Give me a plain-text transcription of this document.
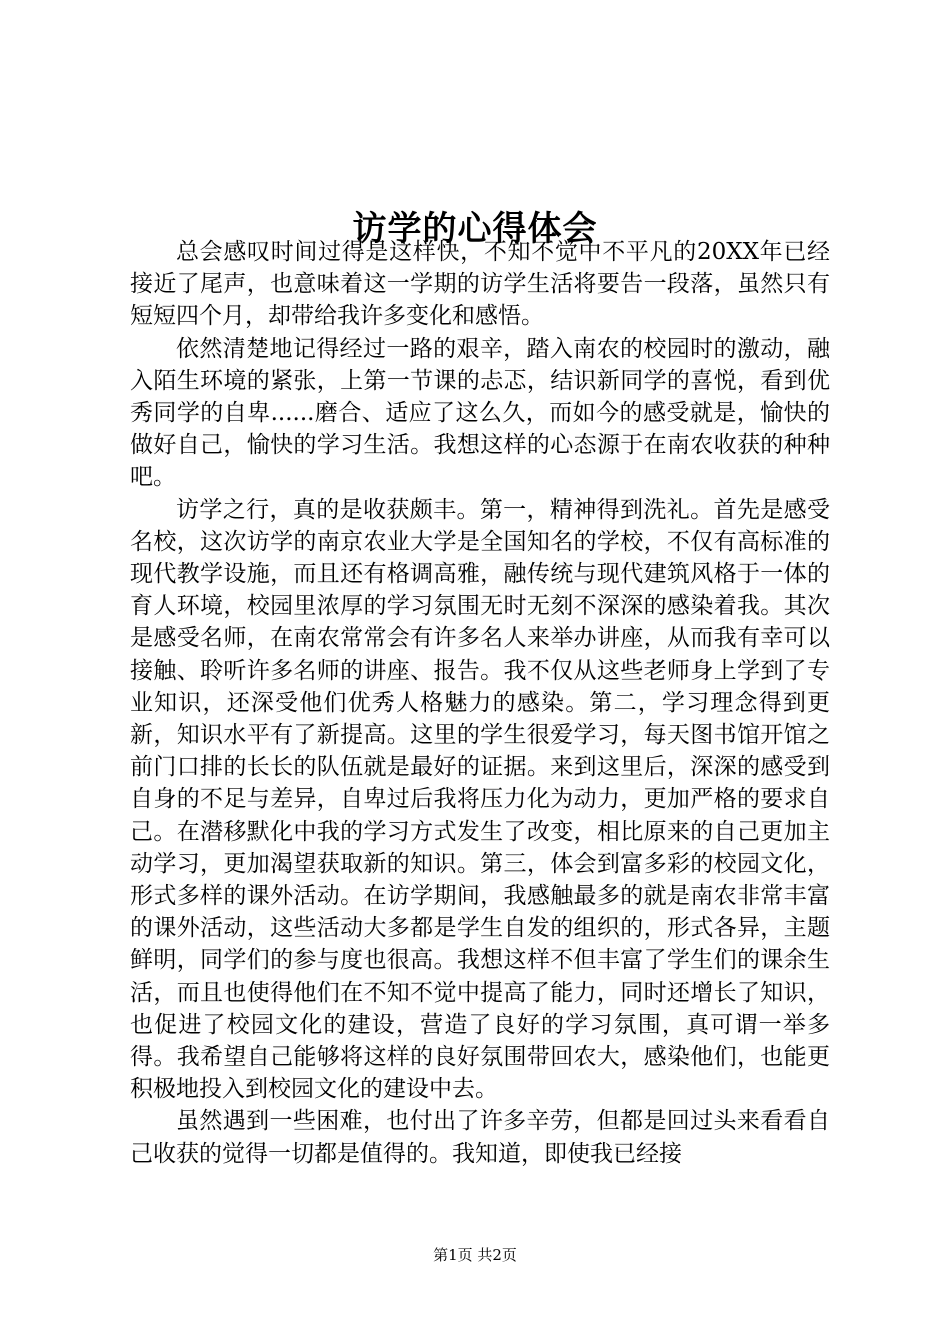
访学的心得体会

总会感叹时间过得是这样快，不知不觉中不平凡的20XX年已经接近了尾声，也意味着这一学期的访学生活将要告一段落，虽然只有短短四个月，却带给我许多变化和感悟。

依然清楚地记得经过一路的艰辛，踏入南农的校园时的激动，融入陌生环境的紧张，上第一节课的忐忑，结识新同学的喜悦，看到优秀同学的自卑......磨合、适应了这么久，而如今的感受就是，愉快的做好自己，愉快的学习生活。我想这样的心态源于在南农收获的种种吧。

访学之行，真的是收获颇丰。第一，精神得到洗礼。首先是感受名校，这次访学的南京农业大学是全国知名的学校，不仅有高标准的现代教学设施，而且还有格调高雅，融传统与现代建筑风格于一体的育人环境，校园里浓厚的学习氛围无时无刻不深深的感染着我。其次是感受名师，在南农常常会有许多名人来举办讲座，从而我有幸可以接触、聆听许多名师的讲座、报告。我不仅从这些老师身上学到了专业知识，还深受他们优秀人格魅力的感染。第二，学习理念得到更新，知识水平有了新提高。这里的学生很爱学习，每天图书馆开馆之前门口排的长长的队伍就是最好的证据。来到这里后，深深的感受到自身的不足与差异，自卑过后我将压力化为动力，更加严格的要求自己。在潜移默化中我的学习方式发生了改变，相比原来的自己更加主动学习，更加渴望获取新的知识。第三，体会到富多彩的校园文化，形式多样的课外活动。在访学期间，我感触最多的就是南农非常丰富的课外活动，这些活动大多都是学生自发的组织的，形式各异，主题鲜明，同学们的参与度也很高。我想这样不但丰富了学生们的课余生活，而且也使得他们在不知不觉中提高了能力，同时还增长了知识，也促进了校园文化的建设，营造了良好的学习氛围，真可谓一举多得。我希望自己能够将这样的良好氛围带回农大，感染他们，也能更积极地投入到校园文化的建设中去。

虽然遇到一些困难，也付出了许多辛劳，但都是回过头来看看自己收获的觉得一切都是值得的。我知道，即使我已经接

第1页 共2页
